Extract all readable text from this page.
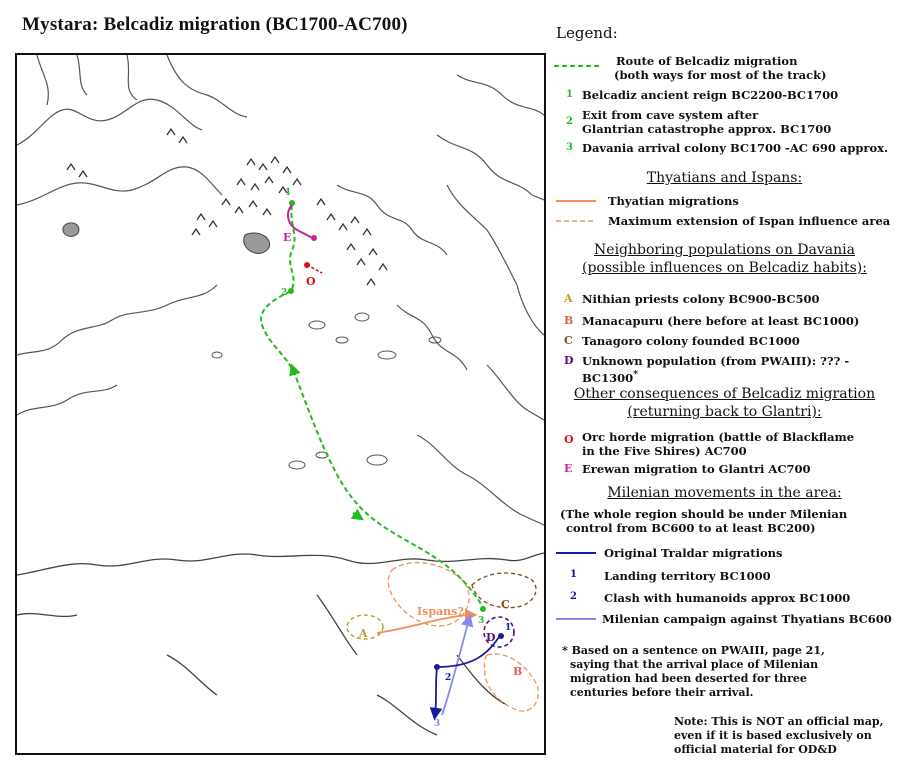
Mystara: Belcadiz migration (BC1700-AC700)
1
2
3
E
O
Ispans?
1
2
3
A
B
C
D
Legend:
Route of Belcadiz migration
(both ways for most of the track)
1 Belcadiz ancient reign BC2200-BC1700
2 Exit from cave system after
Glantrian catastrophe approx. BC1700
3 Davania arrival colony BC1700 -AC 690 approx.
Thyatians and Ispans:
Thyatian migrations
Maximum extension of Ispan influence area
Neighboring populations on Davania
(possible influences on Belcadiz habits):
A Nithian priests colony BC900-BC500
B Manacapuru (here before at least BC1000)
C Tanagoro colony founded BC1000
D Unknown population (from PWAIII): ??? - BC1300*
Other consequences of Belcadiz migration
(returning back to Glantri):
O Orc horde migration (battle of Blackflame
in the Five Shires) AC700
E Erewan migration to Glantri AC700
Milenian movements in the area:
(The whole region should be under Milenian
control from BC600 to at least BC200)
Original Traldar migrations
1 Landing territory BC1000
2 Clash with humanoids approx BC1000
Milenian campaign against Thyatians BC600
* Based on a sentence on PWAIII, page 21,
saying that the arrival place of Milenian
migration had been deserted for three
centuries before their arrival.
Note: This is NOT an official map,
even if it is based exclusively on
official material for OD&D
